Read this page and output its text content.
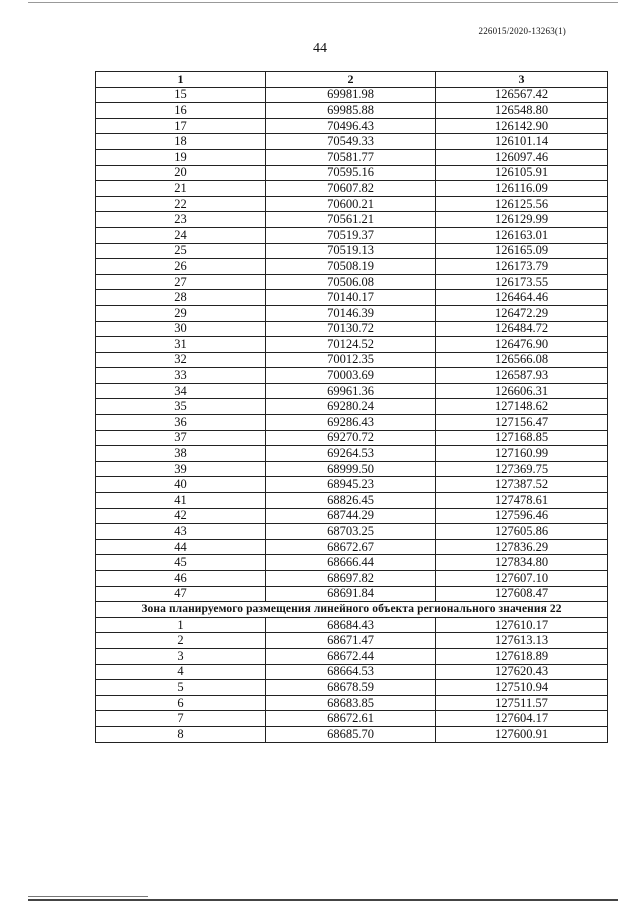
226015/2020-13263(1)
44
1	2	3
15	69981.98	126567.42
16	69985.88	126548.80
17	70496.43	126142.90
18	70549.33	126101.14
19	70581.77	126097.46
20	70595.16	126105.91
21	70607.82	126116.09
22	70600.21	126125.56
23	70561.21	126129.99
24	70519.37	126163.01
25	70519.13	126165.09
26	70508.19	126173.79
27	70506.08	126173.55
28	70140.17	126464.46
29	70146.39	126472.29
30	70130.72	126484.72
31	70124.52	126476.90
32	70012.35	126566.08
33	70003.69	126587.93
34	69961.36	126606.31
35	69280.24	127148.62
36	69286.43	127156.47
37	69270.72	127168.85
38	69264.53	127160.99
39	68999.50	127369.75
40	68945.23	127387.52
41	68826.45	127478.61
42	68744.29	127596.46
43	68703.25	127605.86
44	68672.67	127836.29
45	68666.44	127834.80
46	68697.82	127607.10
47	68691.84	127608.47
Зона планируемого размещения линейного объекта регионального значения 22		
1	68684.43	127610.17
2	68671.47	127613.13
3	68672.44	127618.89
4	68664.53	127620.43
5	68678.59	127510.94
6	68683.85	127511.57
7	68672.61	127604.17
8	68685.70	127600.91
